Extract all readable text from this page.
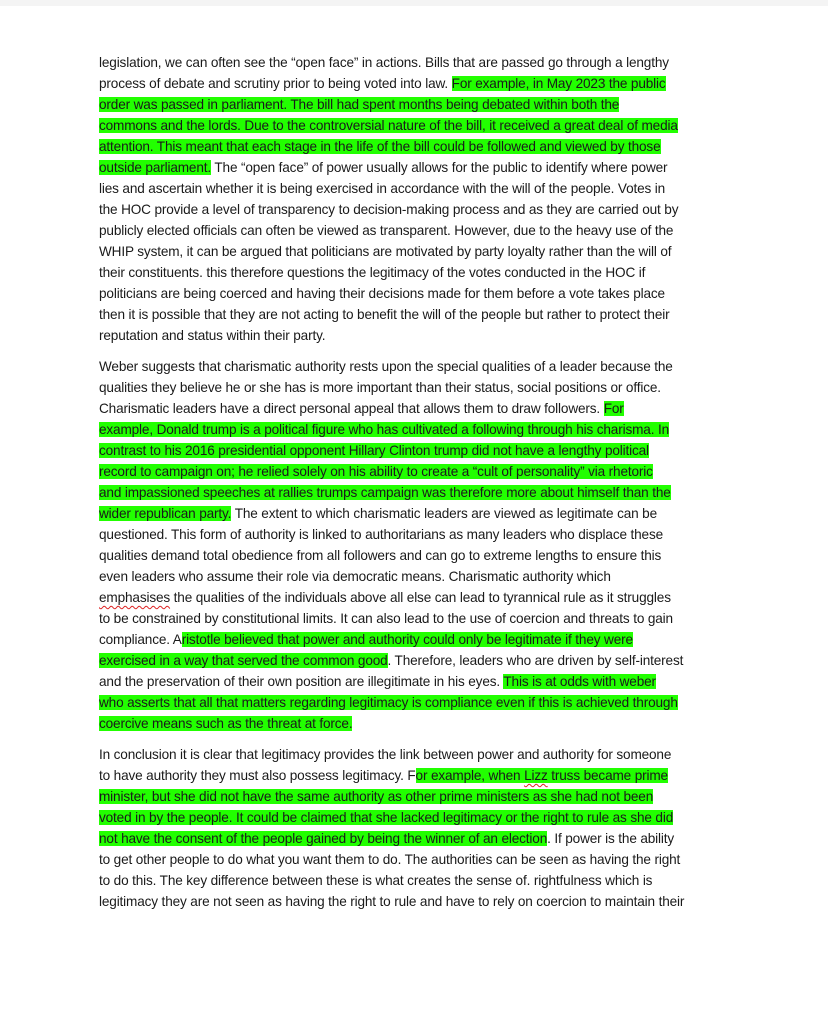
legislation, we can often see the “open face” in actions. Bills that are passed go through a lengthy
process of debate and scrutiny prior to being voted into law. For example, in May 2023 the public
order was passed in parliament. The bill had spent months being debated within both the
commons and the lords. Due to the controversial nature of the bill, it received a great deal of media
attention. This meant that each stage in the life of the bill could be followed and viewed by those
outside parliament. The “open face” of power usually allows for the public to identify where power
lies and ascertain whether it is being exercised in accordance with the will of the people. Votes in
the HOC provide a level of transparency to decision-making process and as they are carried out by
publicly elected officials can often be viewed as transparent. However, due to the heavy use of the
WHIP system, it can be argued that politicians are motivated by party loyalty rather than the will of
their constituents. this therefore questions the legitimacy of the votes conducted in the HOC if
politicians are being coerced and having their decisions made for them before a vote takes place
then it is possible that they are not acting to benefit the will of the people but rather to protect their
reputation and status within their party.
Weber suggests that charismatic authority rests upon the special qualities of a leader because the
qualities they believe he or she has is more important than their status, social positions or office.
Charismatic leaders have a direct personal appeal that allows them to draw followers. For
example, Donald trump is a political figure who has cultivated a following through his charisma. In
contrast to his 2016 presidential opponent Hillary Clinton trump did not have a lengthy political
record to campaign on; he relied solely on his ability to create a “cult of personality” via rhetoric
and impassioned speeches at rallies trumps campaign was therefore more about himself than the
wider republican party. The extent to which charismatic leaders are viewed as legitimate can be
questioned. This form of authority is linked to authoritarians as many leaders who displace these
qualities demand total obedience from all followers and can go to extreme lengths to ensure this
even leaders who assume their role via democratic means. Charismatic authority which
emphasises the qualities of the individuals above all else can lead to tyrannical rule as it struggles
to be constrained by constitutional limits. It can also lead to the use of coercion and threats to gain
compliance. Aristotle believed that power and authority could only be legitimate if they were
exercised in a way that served the common good. Therefore, leaders who are driven by self-interest
and the preservation of their own position are illegitimate in his eyes. This is at odds with weber
who asserts that all that matters regarding legitimacy is compliance even if this is achieved through
coercive means such as the threat at force.
In conclusion it is clear that legitimacy provides the link between power and authority for someone
to have authority they must also possess legitimacy. For example, when Lizz truss became prime
minister, but she did not have the same authority as other prime ministers as she had not been
voted in by the people. It could be claimed that she lacked legitimacy or the right to rule as she did
not have the consent of the people gained by being the winner of an election. If power is the ability
to get other people to do what you want them to do. The authorities can be seen as having the right
to do this. The key difference between these is what creates the sense of. rightfulness which is
legitimacy they are not seen as having the right to rule and have to rely on coercion to maintain their
